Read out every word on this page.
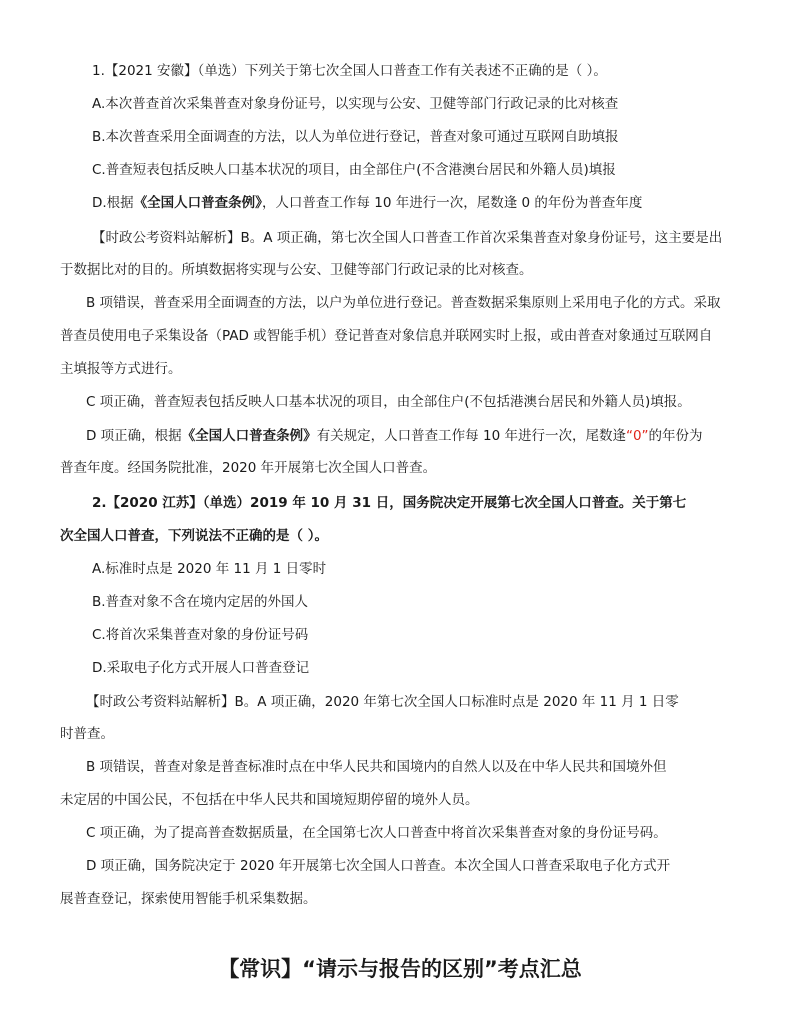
1.【2021 安徽】（单选）下列关于第七次全国人口普查工作有关表述不正确的是（ ）。
A.本次普查首次采集普查对象身份证号，以实现与公安、卫健等部门行政记录的比对核查
B.本次普查采用全面调查的方法，以人为单位进行登记，普查对象可通过互联网自助填报
C.普查短表包括反映人口基本状况的项目，由全部住户(不含港澳台居民和外籍人员)填报
D.根据《全国人口普查条例》，人口普查工作每 10 年进行一次，尾数逢 0 的年份为普查年度
【时政公考资料站解析】B。A 项正确，第七次全国人口普查工作首次采集普查对象身份证号，这主要是出
于数据比对的目的。所填数据将实现与公安、卫健等部门行政记录的比对核查。
B 项错误，普查采用全面调查的方法，以户为单位进行登记。普查数据采集原则上采用电子化的方式。采取
普查员使用电子采集设备（PAD 或智能手机）登记普查对象信息并联网实时上报，或由普查对象通过互联网自
主填报等方式进行。
C 项正确，普查短表包括反映人口基本状况的项目，由全部住户(不包括港澳台居民和外籍人员)填报。
D 项正确，根据《全国人口普查条例》有关规定，人口普查工作每 10 年进行一次，尾数逢“0”的年份为
普查年度。经国务院批准，2020 年开展第七次全国人口普查。
2.【2020 江苏】（单选）2019 年 10 月 31 日，国务院决定开展第七次全国人口普查。关于第七
次全国人口普查，下列说法不正确的是（ ）。
A.标准时点是 2020 年 11 月 1 日零时
B.普查对象不含在境内定居的外国人
C.将首次采集普查对象的身份证号码
D.采取电子化方式开展人口普查登记
【时政公考资料站解析】B。A 项正确，2020 年第七次全国人口标准时点是 2020 年 11 月 1 日零
时普查。
B 项错误，普查对象是普查标准时点在中华人民共和国境内的自然人以及在中华人民共和国境外但
未定居的中国公民，不包括在中华人民共和国境短期停留的境外人员。
C 项正确，为了提高普查数据质量，在全国第七次人口普查中将首次采集普查对象的身份证号码。
D 项正确，国务院决定于 2020 年开展第七次全国人口普查。本次全国人口普查采取电子化方式开
展普查登记，探索使用智能手机采集数据。
【常识】“请示与报告的区别”考点汇总
